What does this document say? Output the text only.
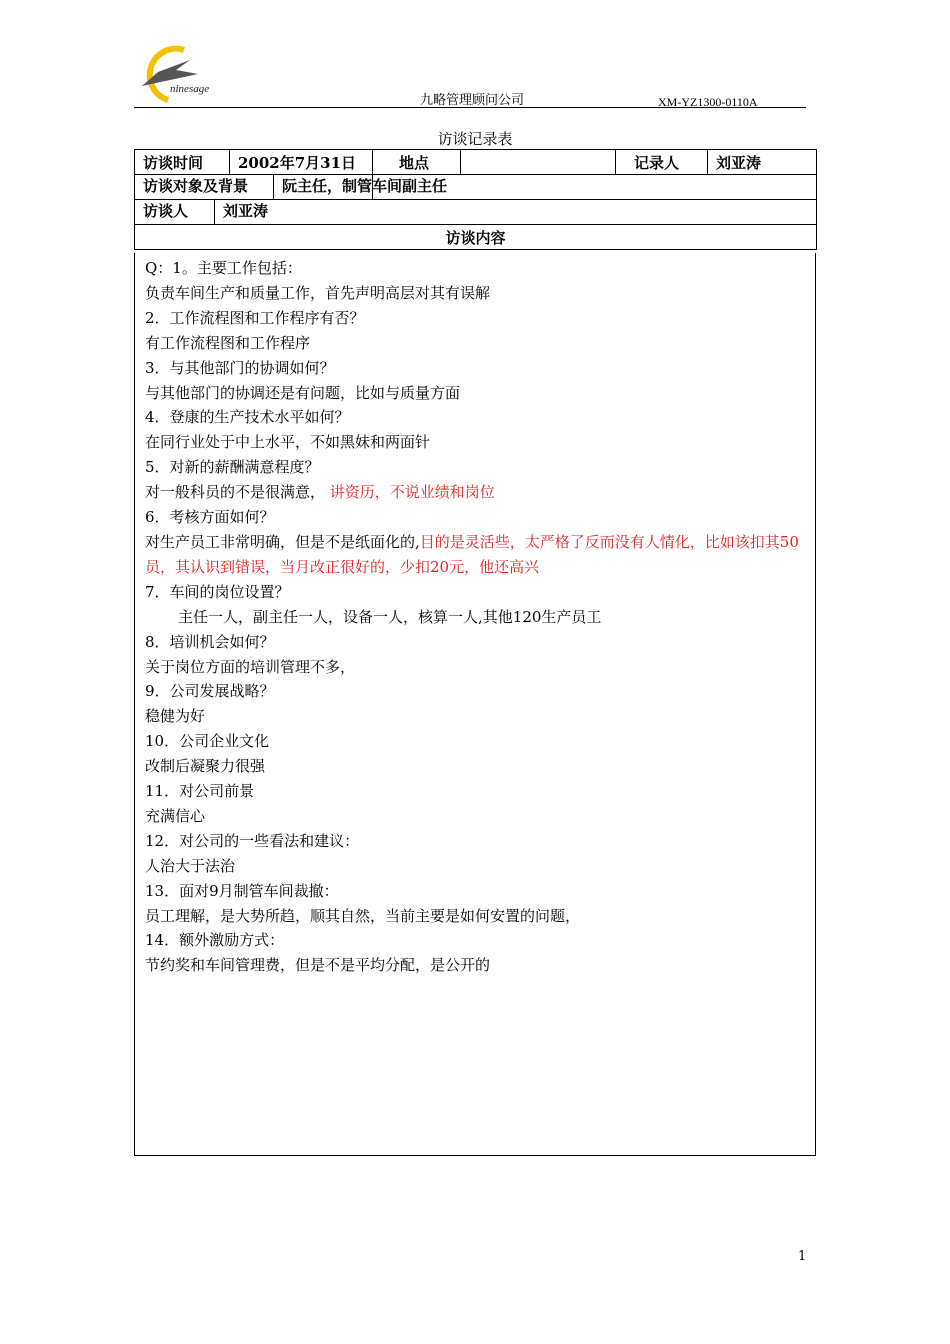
ninesage
九略管理顾问公司	XM-YZ1300-0110A
访谈记录表
访谈时间	2002年7月31日	地点		记录人	刘亚涛
访谈对象及背景 阮主任，制管车间副主任					
访谈人 刘亚涛					
访谈内容					
Q：1。主要工作包括：
负责车间生产和质量工作，首先声明高层对其有误解
2．工作流程图和工作程序有否？
有工作流程图和工作程序
3．与其他部门的协调如何？
与其他部门的协调还是有问题，比如与质量方面
4．登康的生产技术水平如何？
在同行业处于中上水平，不如黑妹和两面针
5．对新的薪酬满意程度？
对一般科员的不是很满意， 讲资历，不说业绩和岗位
6．考核方面如何？
对生产员工非常明确，但是不是纸面化的,目的是灵活些，太严格了反而没有人情化，比如该扣其50员，其认识到错误，当月改正很好的，少扣20元，他还高兴
7．车间的岗位设置？
主任一人，副主任一人，设备一人，核算一人,其他120生产员工
8．培训机会如何？
关于岗位方面的培训管理不多，
9．公司发展战略？
稳健为好
10．公司企业文化
改制后凝聚力很强
11．对公司前景
充满信心
12．对公司的一些看法和建议：
人治大于法治
13．面对9月制管车间裁撤：
员工理解，是大势所趋，顺其自然，当前主要是如何安置的问题，
14．额外激励方式：
节约奖和车间管理费，但是不是平均分配，是公开的
1
